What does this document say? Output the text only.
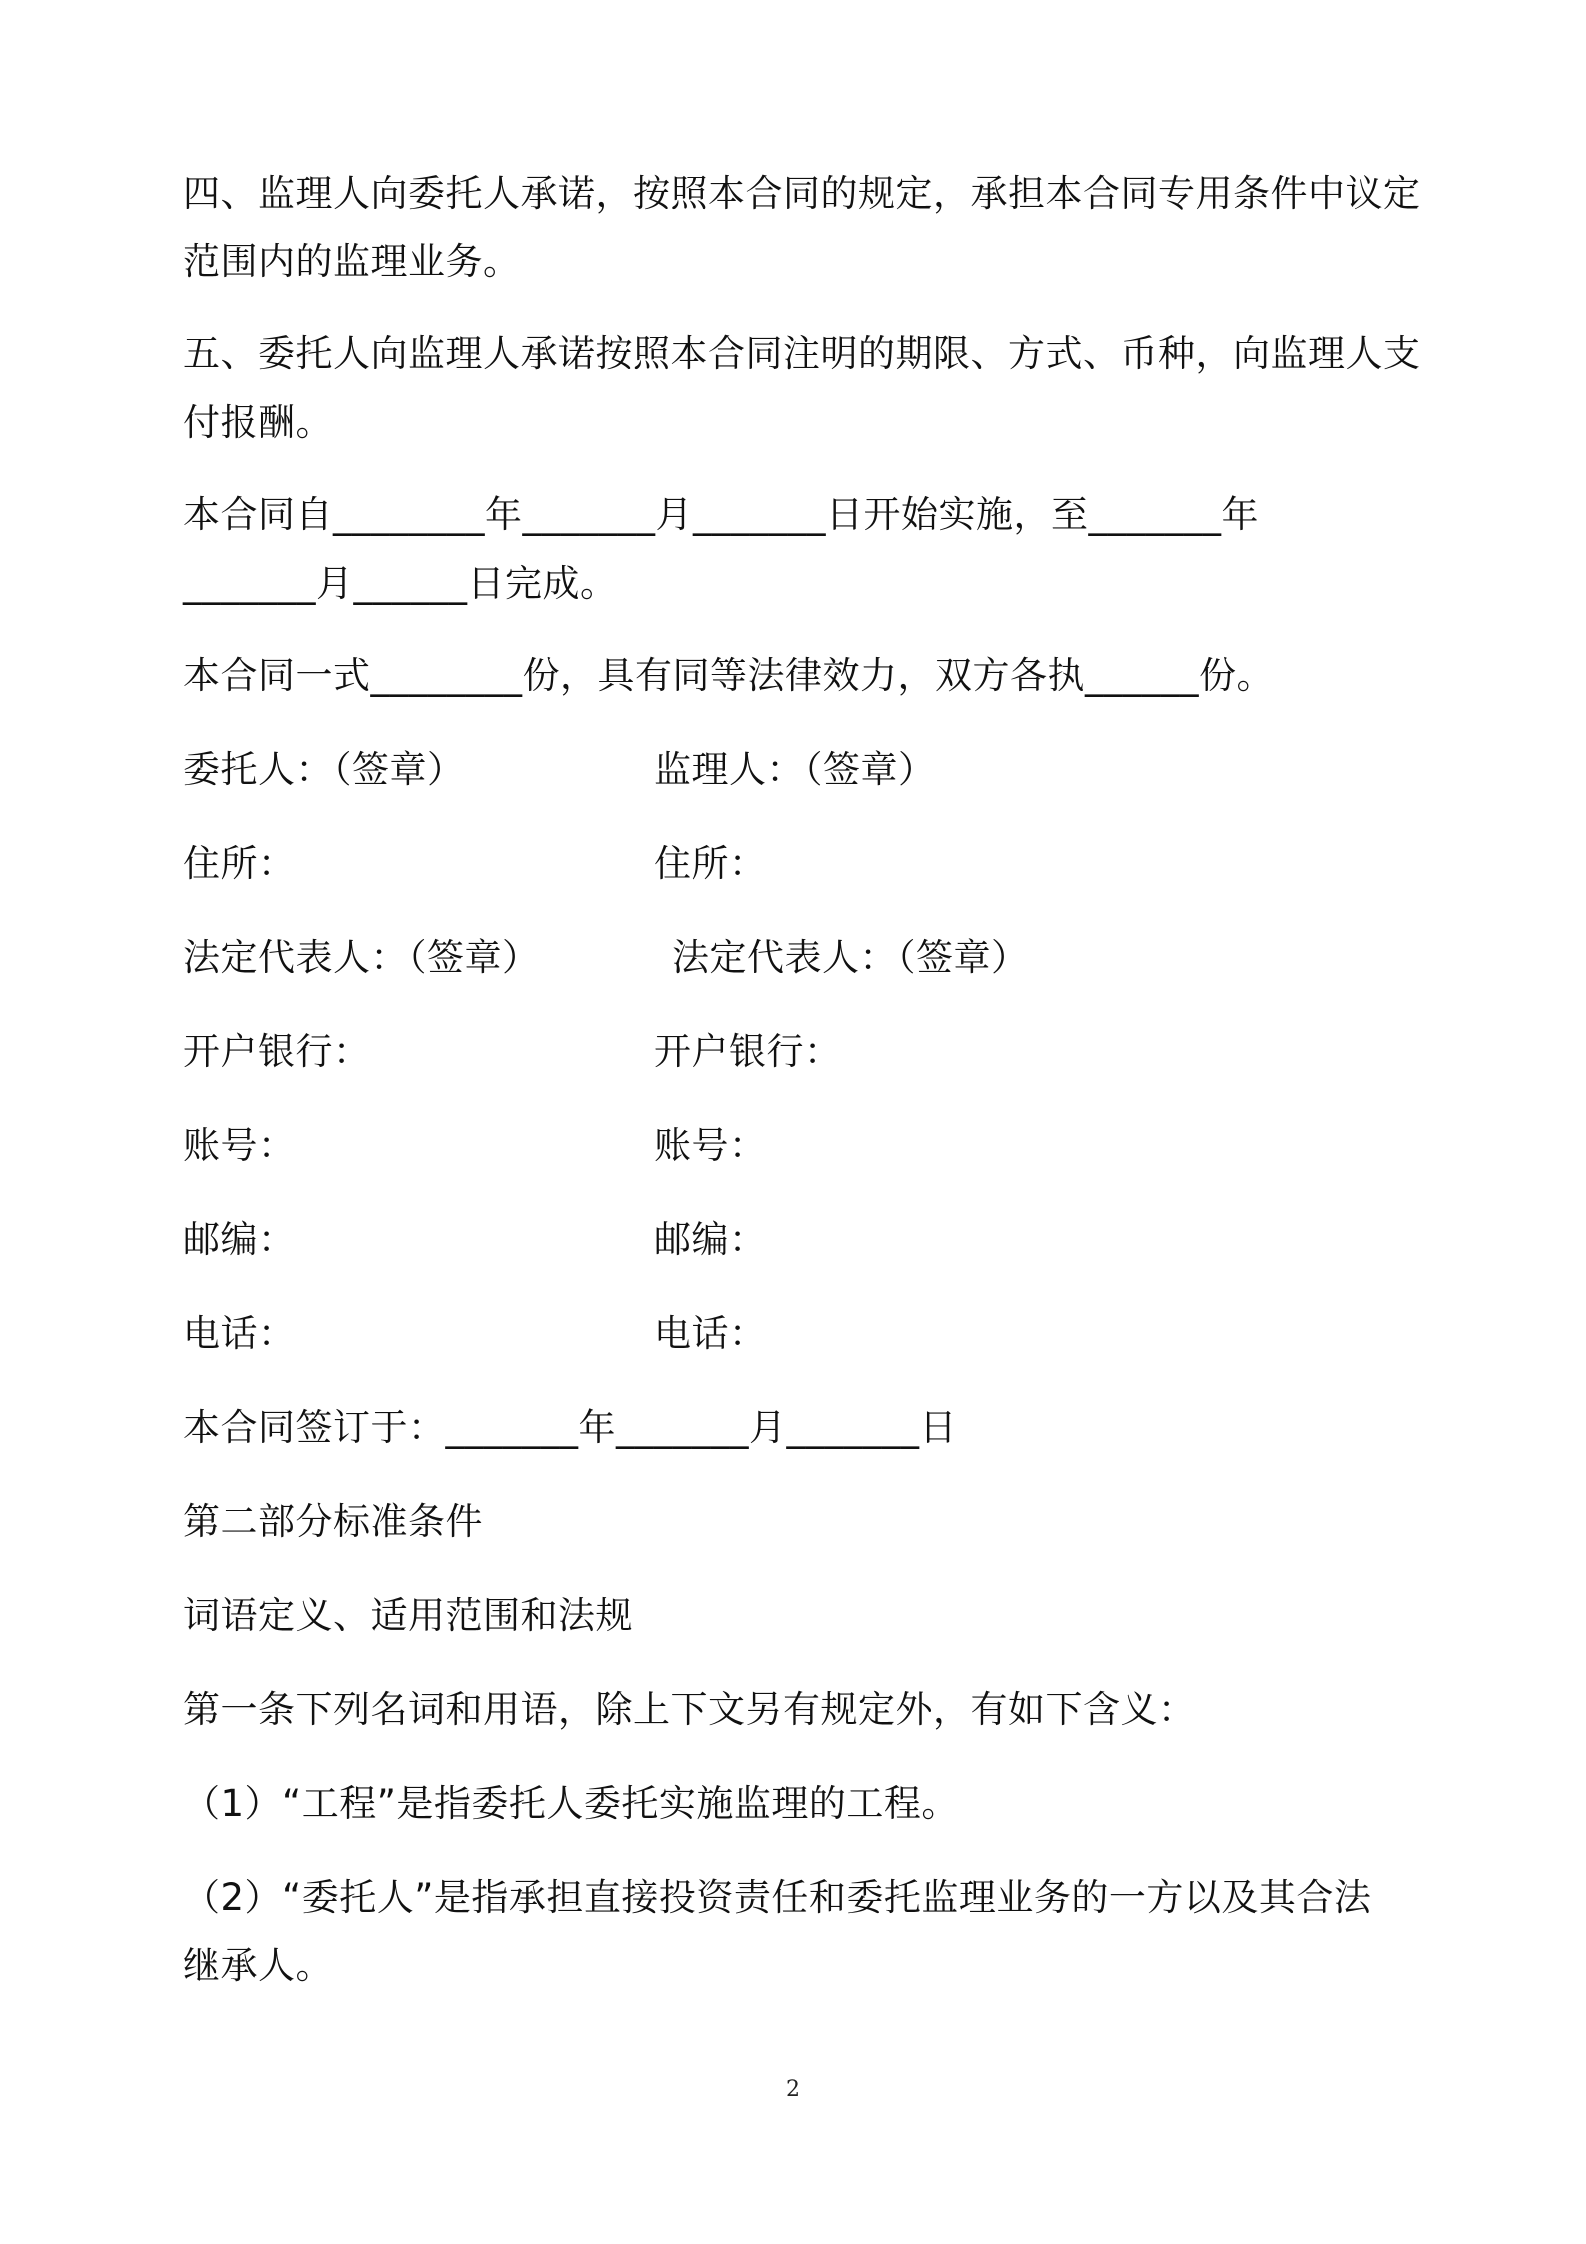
四、监理人向委托人承诺，按照本合同的规定，承担本合同专用条件中议定
范围内的监理业务。
五、委托人向监理人承诺按照本合同注明的期限、方式、币种，向监理人支
付报酬。
本合同自________年_______月_______日开始实施，至_______年
_______月______日完成。
本合同一式________份，具有同等法律效力，双方各执______份。
委托人：（签章）	监理人：（签章）
住所：	住所：
法定代表人：（签章）	法定代表人：（签章）
开户银行：	开户银行：
账号：	账号：
邮编：	邮编：
电话：	电话：
本合同签订于：_______年_______月_______日
第二部分标准条件
词语定义、适用范围和法规
第一条下列名词和用语，除上下文另有规定外，有如下含义：
（1）“工程”是指委托人委托实施监理的工程。
（2）“委托人”是指承担直接投资责任和委托监理业务的一方以及其合法
继承人。
2
